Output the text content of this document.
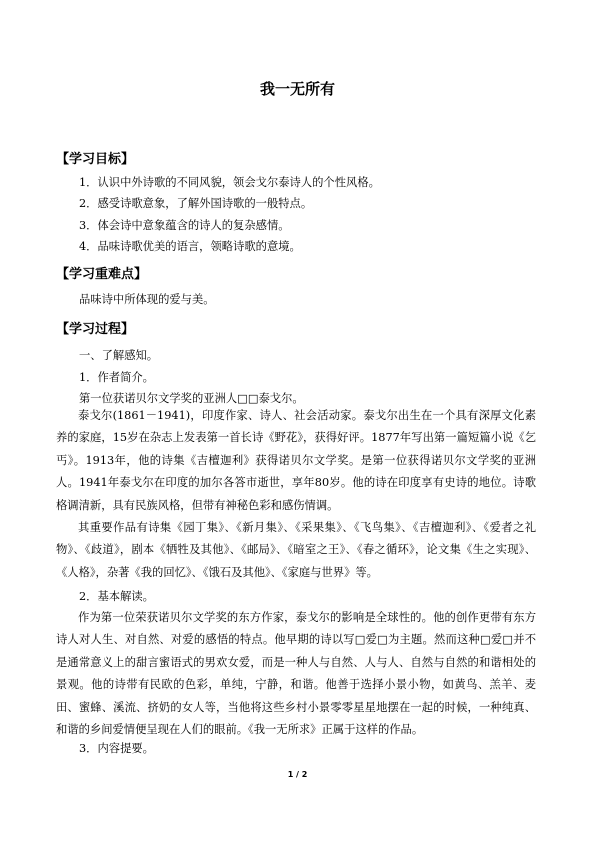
我一无所有
【学习目标】
1．认识中外诗歌的不同风貌，领会戈尔泰诗人的个性风格。
2．感受诗歌意象，了解外国诗歌的一般特点。
3．体会诗中意象蕴含的诗人的复杂感情。
4．品味诗歌优美的语言，领略诗歌的意境。
【学习重难点】
品味诗中所体现的爱与美。
【学习过程】
一、了解感知。
1．作者简介。
第一位获诺贝尔文学奖的亚洲人□□泰戈尔。
泰戈尔(1861－1941)，印度作家、诗人、社会活动家。泰戈尔出生在一个具有深厚文化素养的家庭，15岁在杂志上发表第一首长诗《野花》，获得好评。1877年写出第一篇短篇小说《乞丐》。1913年，他的诗集《吉檀迦利》获得诺贝尔文学奖。是第一位获得诺贝尔文学奖的亚洲人。1941年泰戈尔在印度的加尔各答市逝世，享年80岁。他的诗在印度享有史诗的地位。诗歌格调清新，具有民族风格，但带有神秘色彩和感伤情调。
其重要作品有诗集《园丁集》、《新月集》、《采果集》、《飞鸟集》、《吉檀迦利》、《爱者之礼物》、《歧道》，剧本《牺牲及其他》、《邮局》、《暗室之王》、《春之循环》，论文集《生之实现》、《人格》，杂著《我的回忆》、《饿石及其他》、《家庭与世界》等。
2．基本解读。
作为第一位荣获诺贝尔文学奖的东方作家，泰戈尔的影响是全球性的。他的创作更带有东方诗人对人生、对自然、对爱的感悟的特点。他早期的诗以写□爱□为主题。然而这种□爱□并不是通常意义上的甜言蜜语式的男欢女爱，而是一种人与自然、人与人、自然与自然的和谐相处的景观。他的诗带有民欧的色彩，单纯，宁静，和谐。他善于选择小景小物，如黄鸟、羔羊、麦田、蜜蜂、溪流、挤奶的女人等，当他将这些乡村小景零零星星地摆在一起的时候，一种纯真、和谐的乡间爱情便呈现在人们的眼前。《我一无所求》正属于这样的作品。
3．内容提要。
1 / 2
